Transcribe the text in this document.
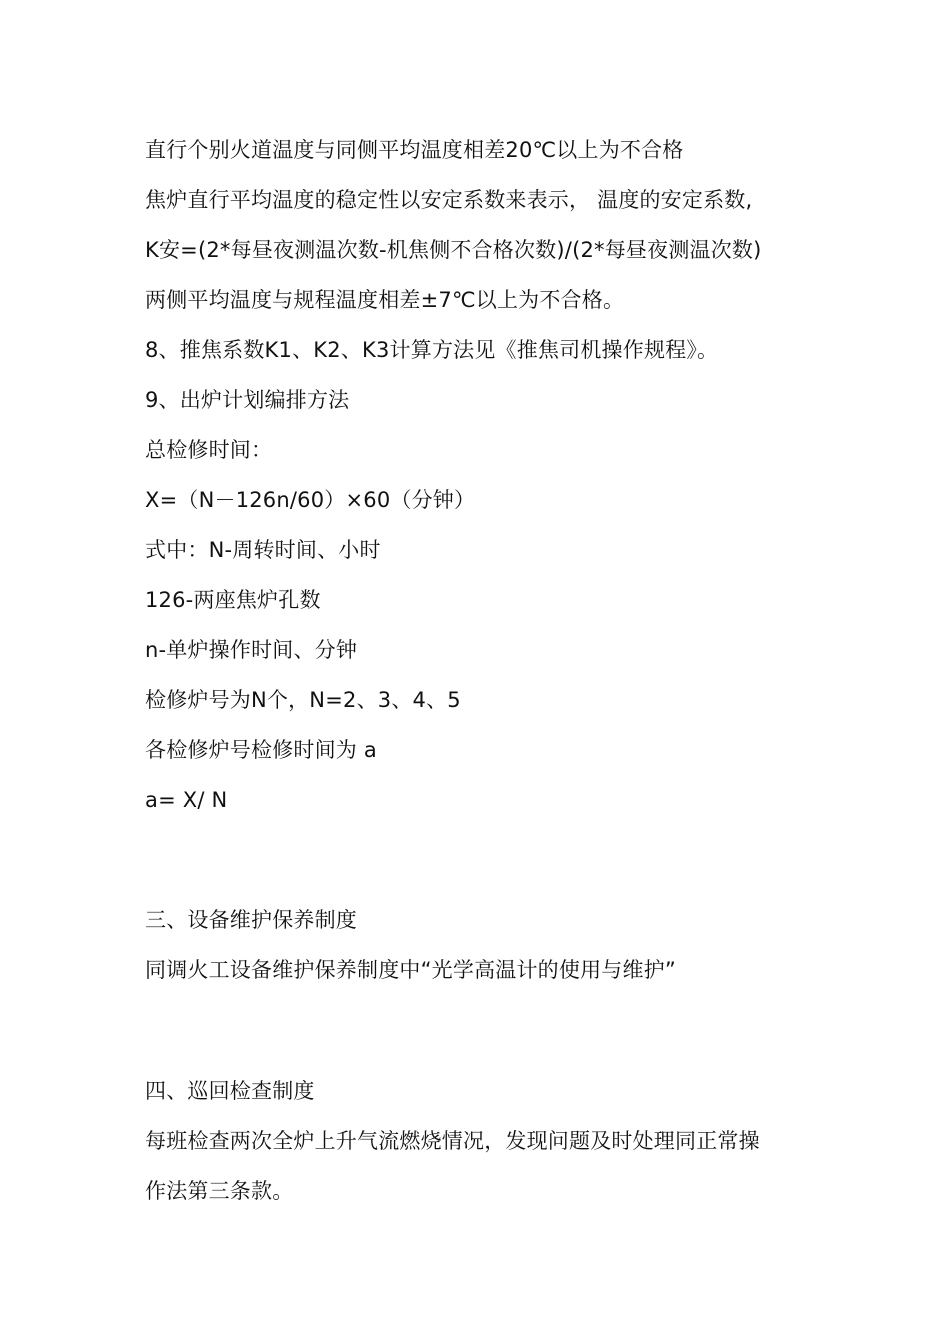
直行个别火道温度与同侧平均温度相差20℃以上为不合格

焦炉直行平均温度的稳定性以安定系数来表示， 温度的安定系数,

K安=(2*每昼夜测温次数-机焦侧不合格次数)/(2*每昼夜测温次数)

两侧平均温度与规程温度相差±7℃以上为不合格。

8、推焦系数K1、K2、K3计算方法见《推焦司机操作规程》。

9、出炉计划编排方法

总检修时间：

X=（N－126n/60）×60（分钟）

式中：N-周转时间、小时

126-两座焦炉孔数

n-单炉操作时间、分钟

检修炉号为N个，N=2、3、4、5

各检修炉号检修时间为 a

a= X/ N

三、设备维护保养制度

同调火工设备维护保养制度中“光学高温计的使用与维护”

四、巡回检查制度

每班检查两次全炉上升气流燃烧情况，发现问题及时处理同正常操

作法第三条款。
